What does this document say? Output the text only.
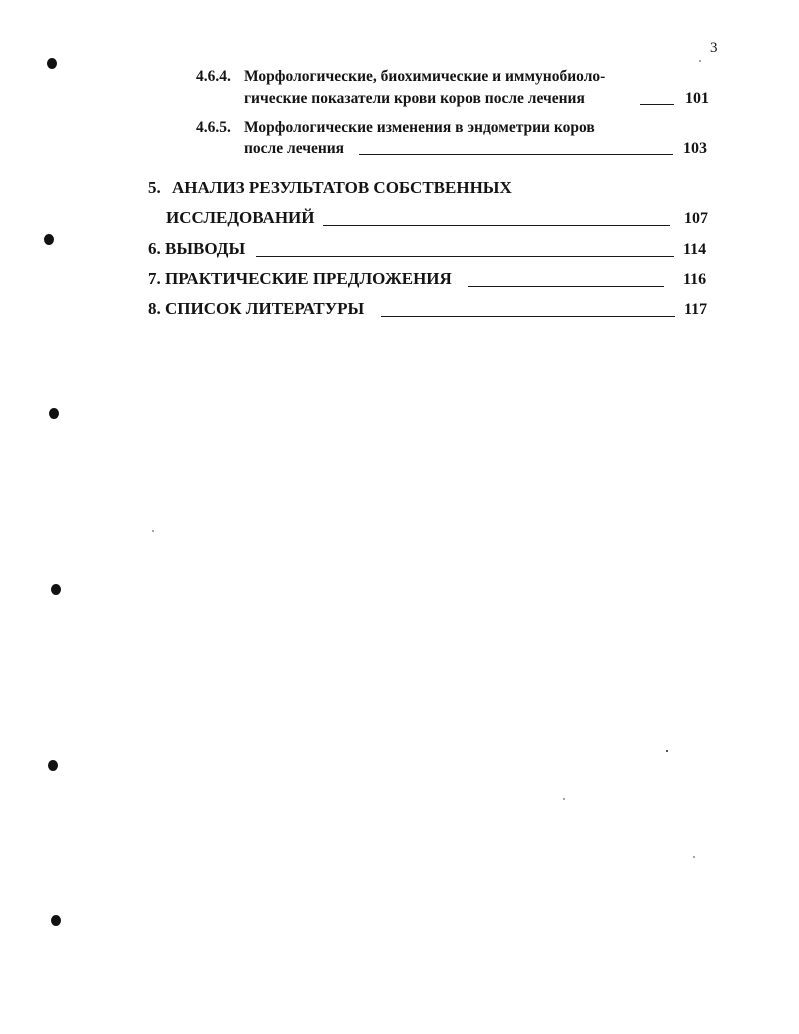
3
4.6.4. Морфологические, биохимические и иммунобиоло-
гические показатели крови коров после лечения	101
4.6.5. Морфологические изменения в эндометрии коров
после лечения	103
5. АНАЛИЗ РЕЗУЛЬТАТОВ СОБСТВЕННЫХ
ИССЛЕДОВАНИЙ	107
6. ВЫВОДЫ	114
7. ПРАКТИЧЕСКИЕ ПРЕДЛОЖЕНИЯ	116
8. СПИСОК ЛИТЕРАТУРЫ	117
